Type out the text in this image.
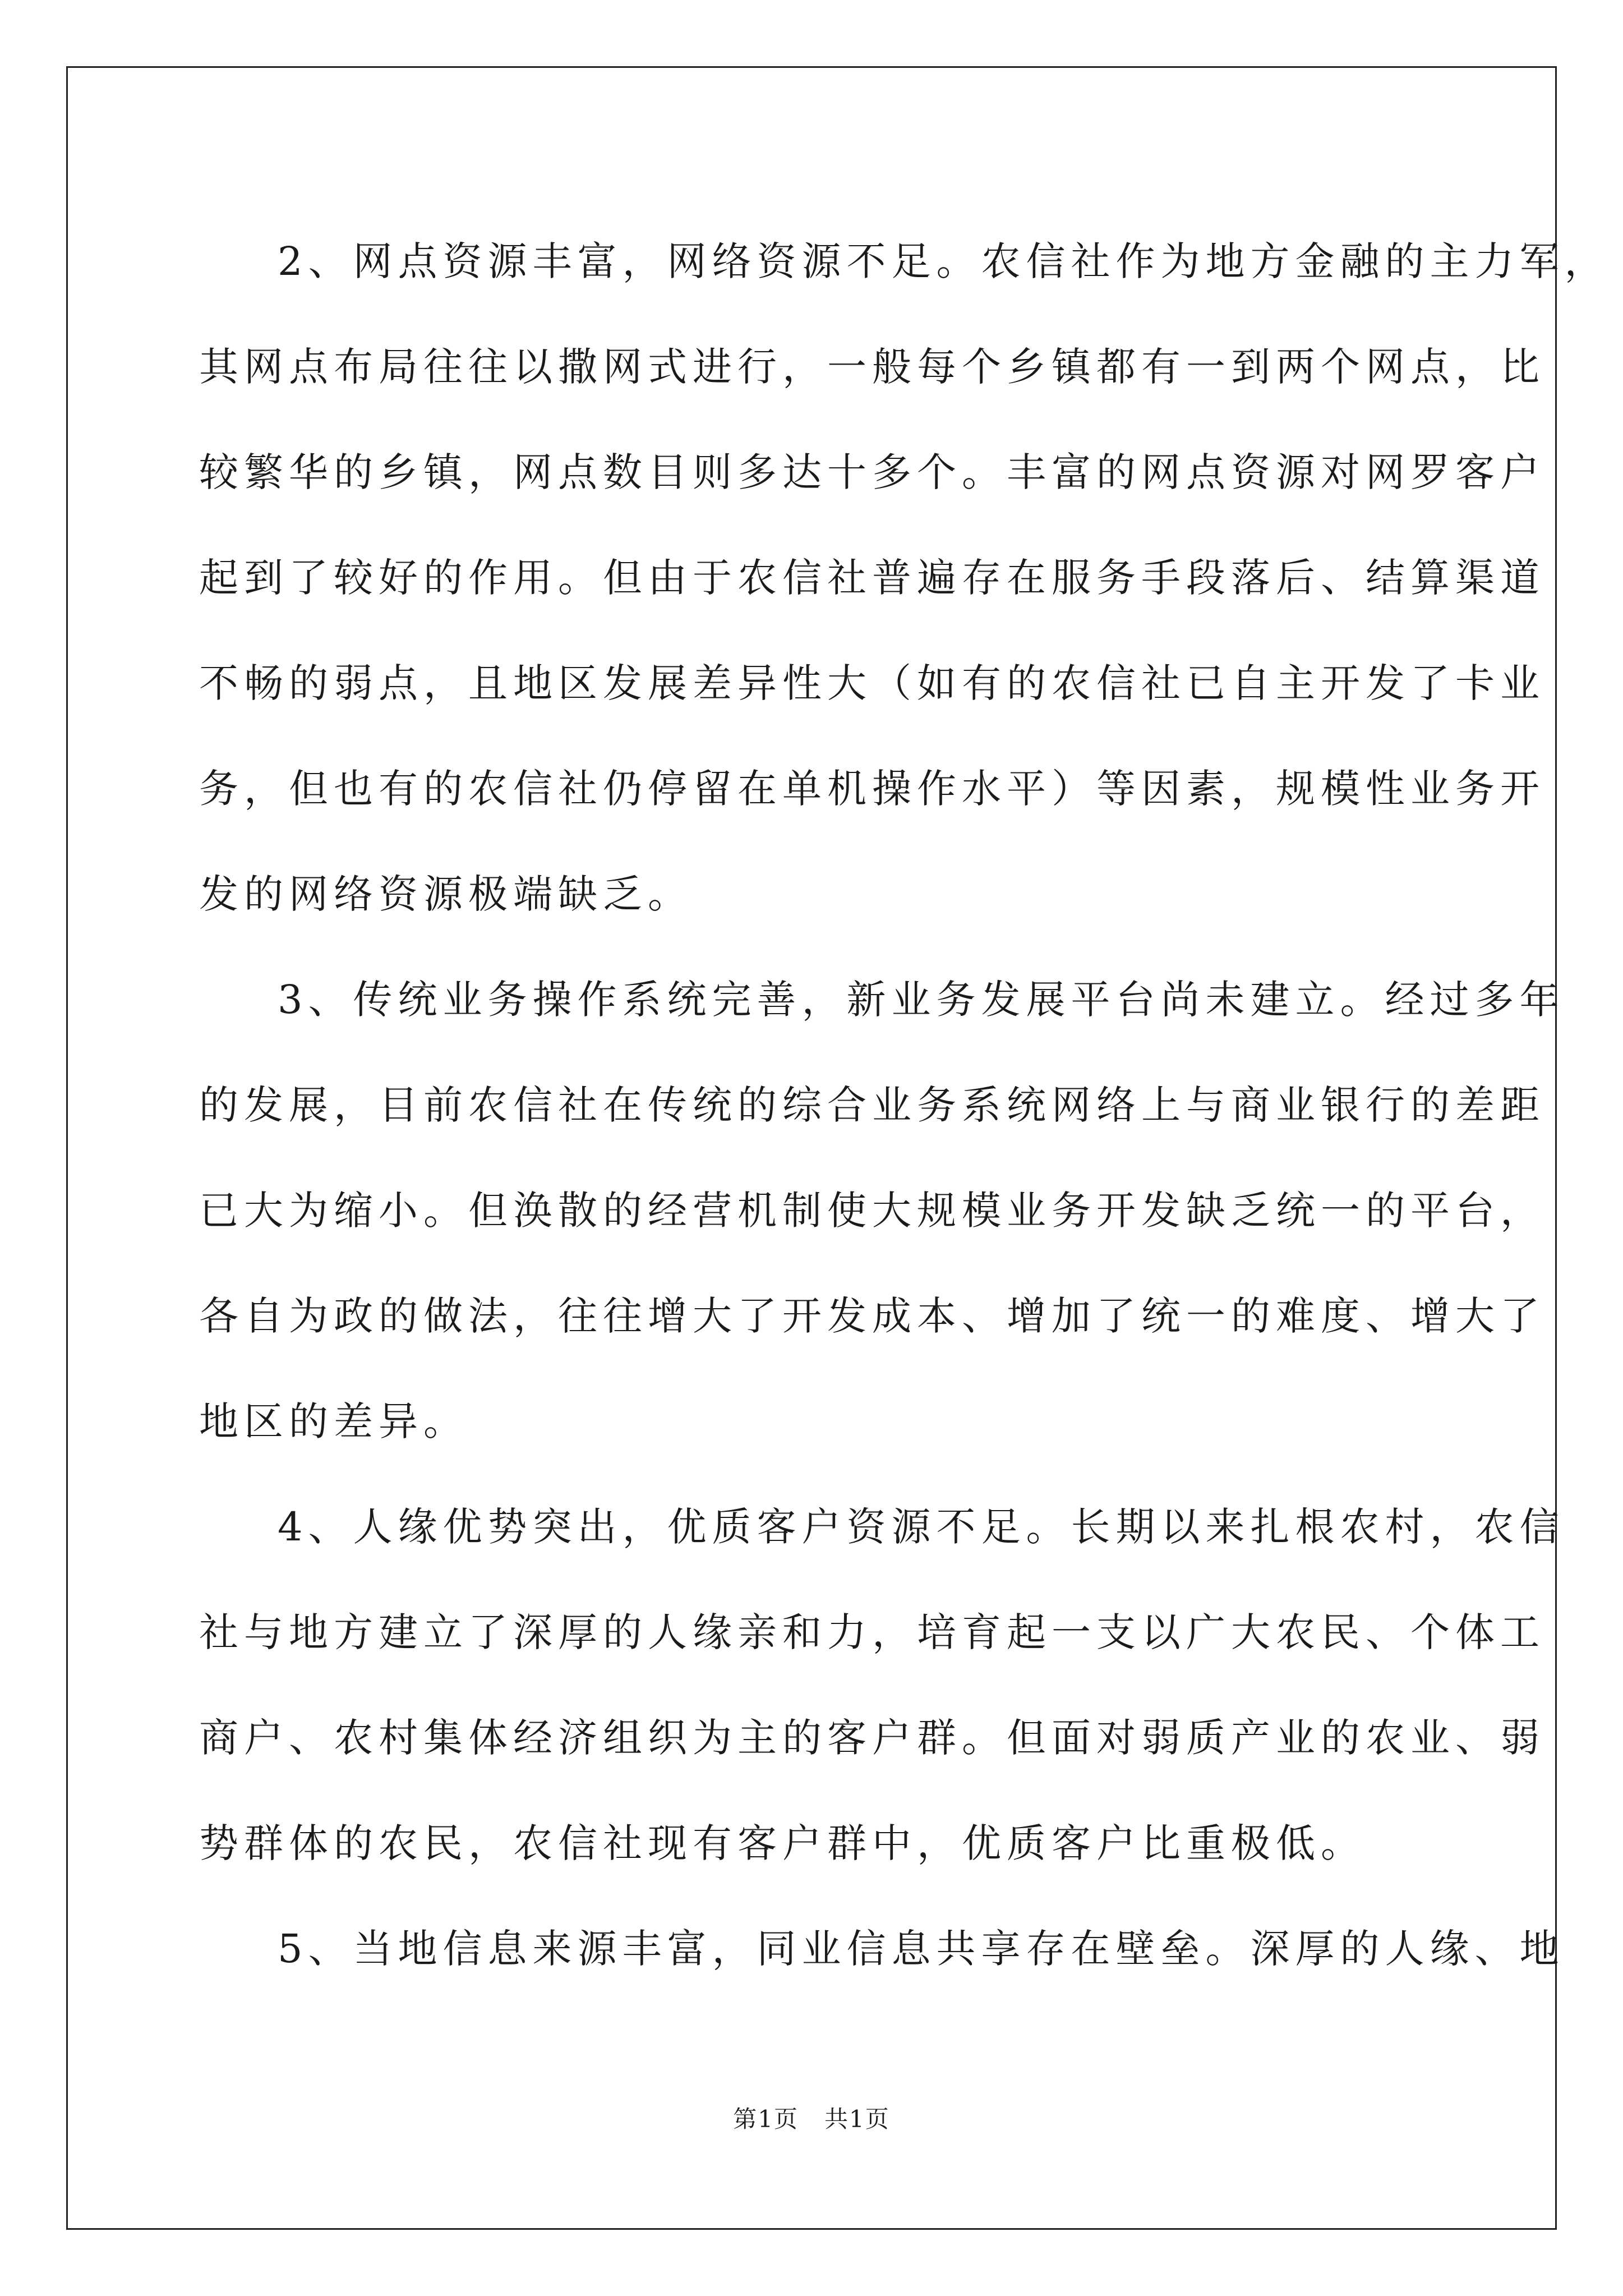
2、网点资源丰富，网络资源不足。农信社作为地方金融的主力军，
其网点布局往往以撒网式进行，一般每个乡镇都有一到两个网点，比
较繁华的乡镇，网点数目则多达十多个。丰富的网点资源对网罗客户
起到了较好的作用。但由于农信社普遍存在服务手段落后、结算渠道
不畅的弱点，且地区发展差异性大（如有的农信社已自主开发了卡业
务，但也有的农信社仍停留在单机操作水平）等因素，规模性业务开
发的网络资源极端缺乏。
3、传统业务操作系统完善，新业务发展平台尚未建立。经过多年
的发展，目前农信社在传统的综合业务系统网络上与商业银行的差距
已大为缩小。但涣散的经营机制使大规模业务开发缺乏统一的平台，
各自为政的做法，往往增大了开发成本、增加了统一的难度、增大了
地区的差异。
4、人缘优势突出，优质客户资源不足。长期以来扎根农村，农信
社与地方建立了深厚的人缘亲和力，培育起一支以广大农民、个体工
商户、农村集体经济组织为主的客户群。但面对弱质产业的农业、弱
势群体的农民，农信社现有客户群中，优质客户比重极低。
5、当地信息来源丰富，同业信息共享存在壁垒。深厚的人缘、地
第1页   共1页
